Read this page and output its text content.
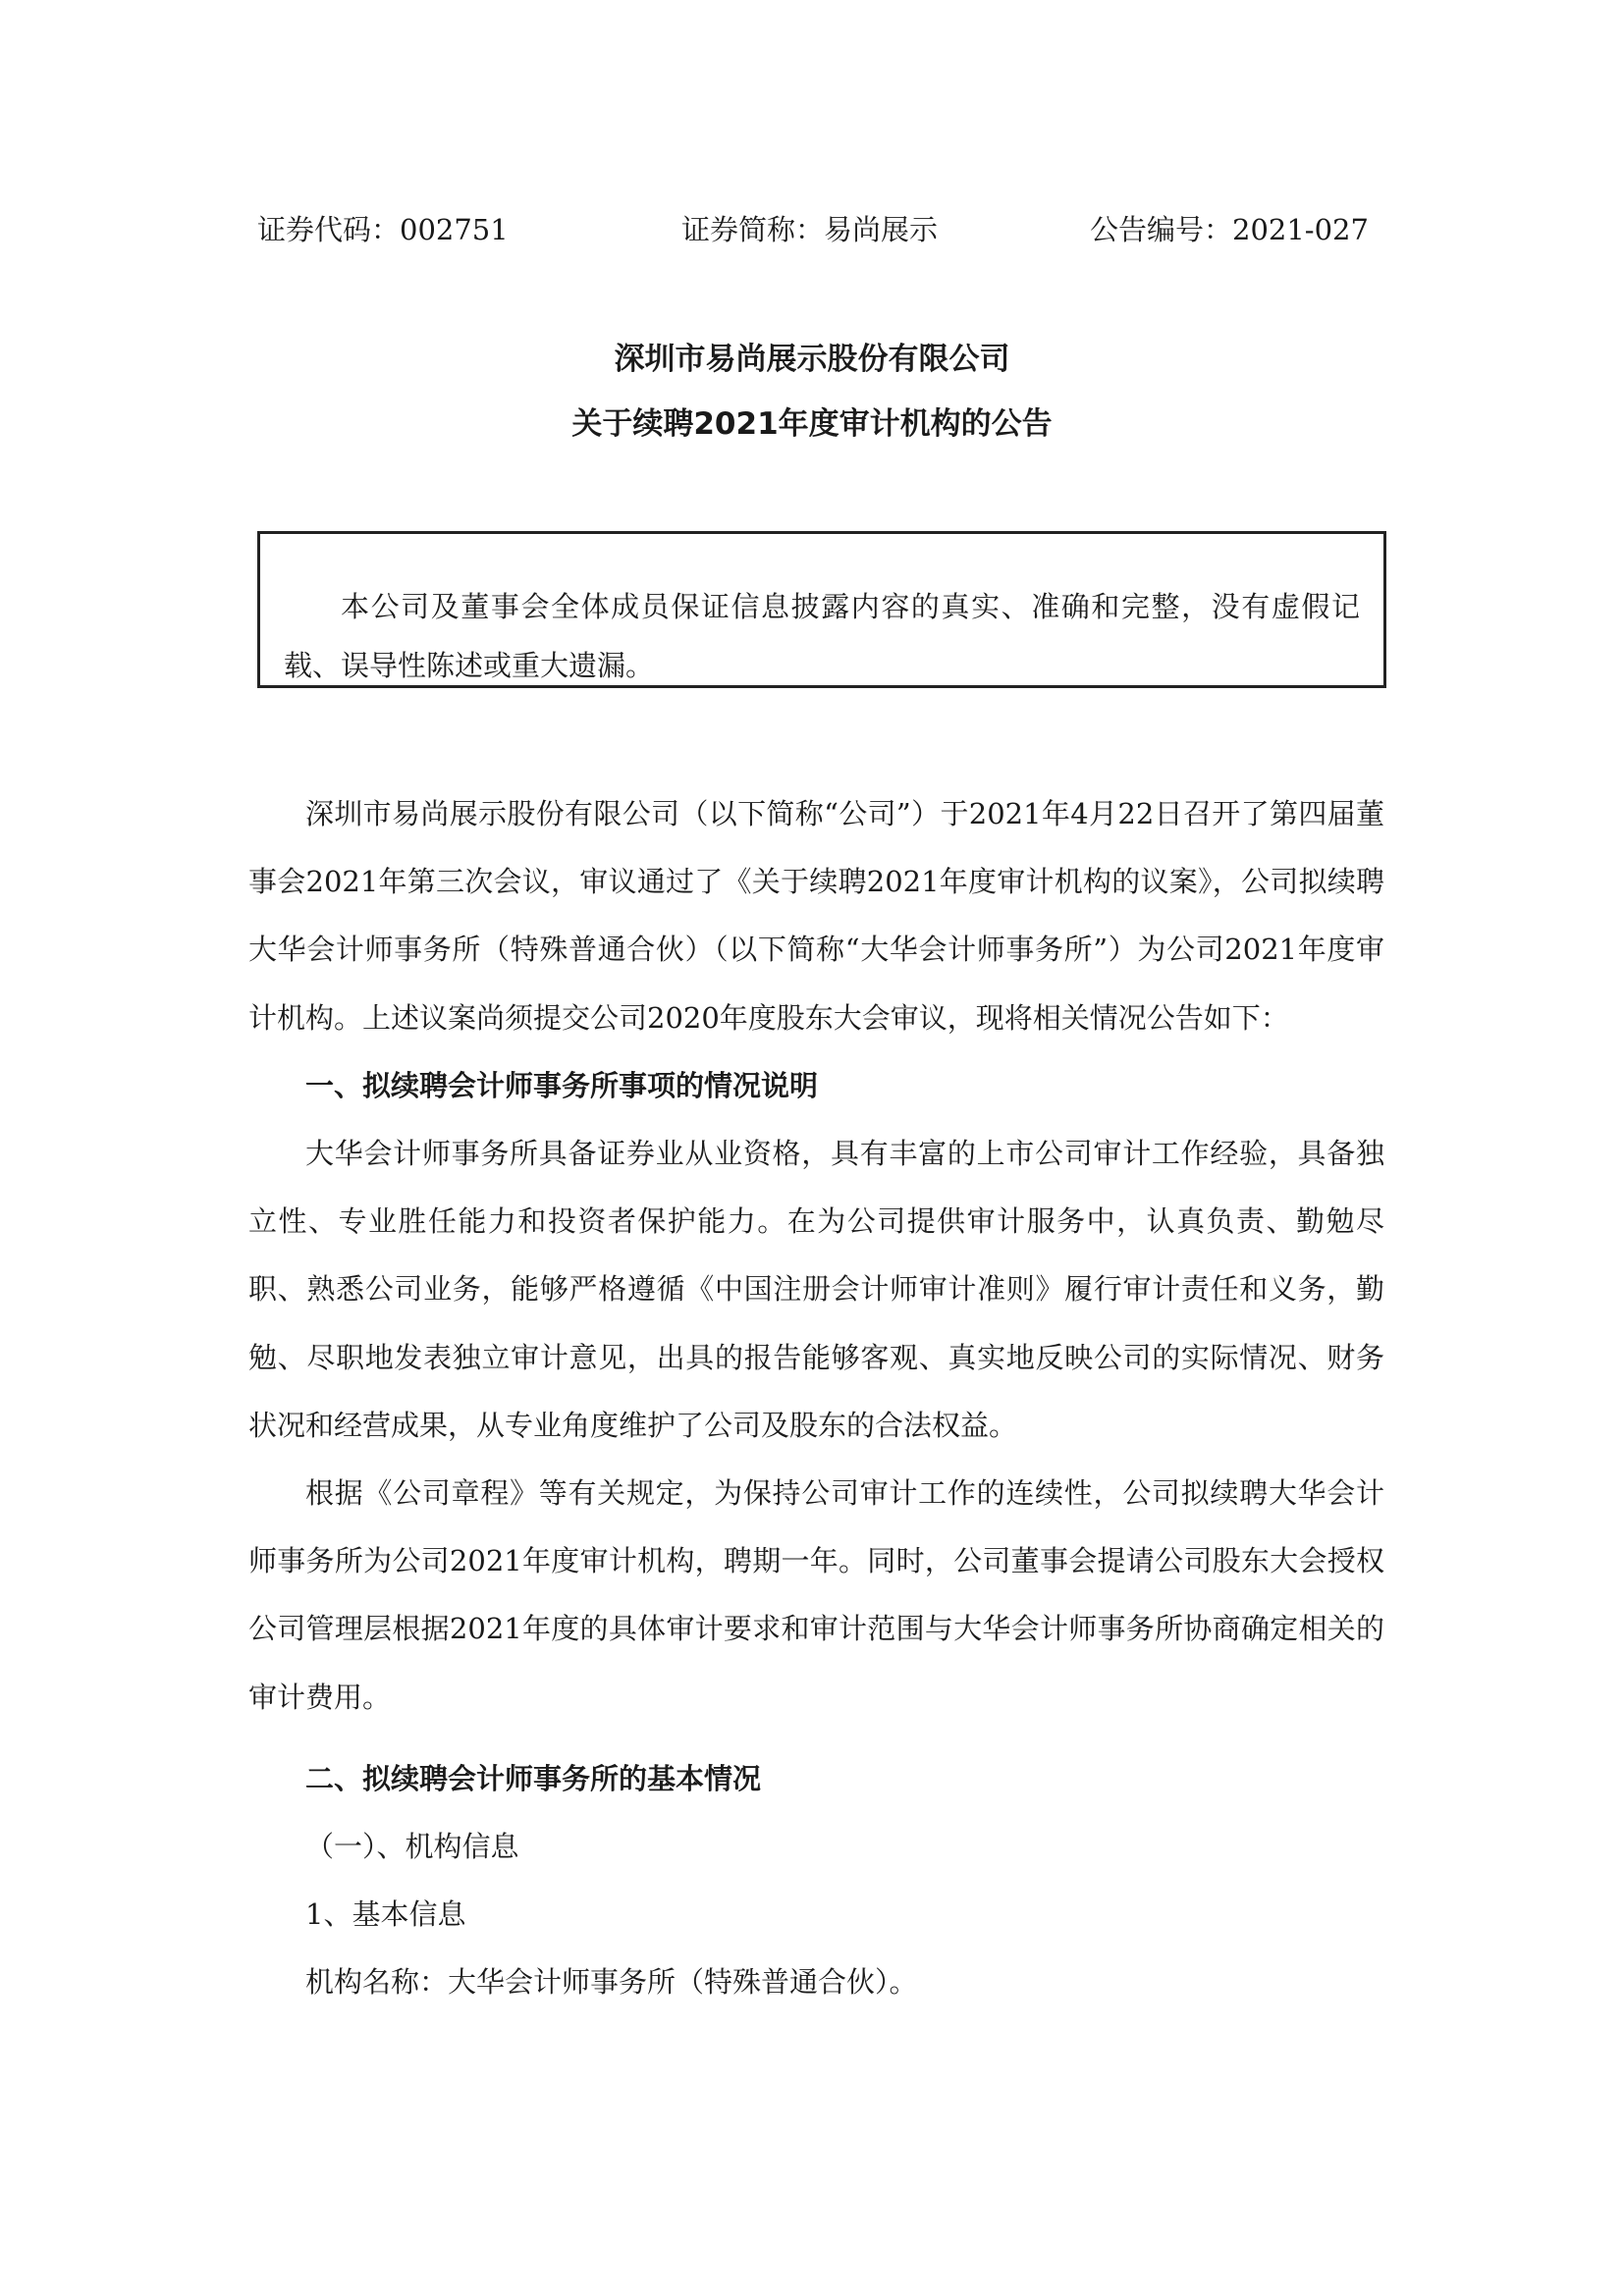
证券代码：002751	证券简称：易尚展示	公告编号：2021-027
深圳市易尚展示股份有限公司
关于续聘2021年度审计机构的公告
本公司及董事会全体成员保证信息披露内容的真实、准确和完整，没有虚假记载、误导性陈述或重大遗漏。

深圳市易尚展示股份有限公司（以下简称“公司”）于2021年4月22日召开了第四届董事会2021年第三次会议，审议通过了《关于续聘2021年度审计机构的议案》，公司拟续聘大华会计师事务所（特殊普通合伙）（以下简称“大华会计师事务所”）为公司2021年度审计机构。上述议案尚须提交公司2020年度股东大会审议，现将相关情况公告如下：

一、拟续聘会计师事务所事项的情况说明

大华会计师事务所具备证券业从业资格，具有丰富的上市公司审计工作经验，具备独立性、专业胜任能力和投资者保护能力。在为公司提供审计服务中，认真负责、勤勉尽职、熟悉公司业务，能够严格遵循《中国注册会计师审计准则》履行审计责任和义务，勤勉、尽职地发表独立审计意见，出具的报告能够客观、真实地反映公司的实际情况、财务状况和经营成果，从专业角度维护了公司及股东的合法权益。

根据《公司章程》等有关规定，为保持公司审计工作的连续性，公司拟续聘大华会计师事务所为公司2021年度审计机构，聘期一年。同时，公司董事会提请公司股东大会授权公司管理层根据2021年度的具体审计要求和审计范围与大华会计师事务所协商确定相关的审计费用。

二、拟续聘会计师事务所的基本情况

（一）、机构信息

1、基本信息

机构名称：大华会计师事务所（特殊普通合伙）。
